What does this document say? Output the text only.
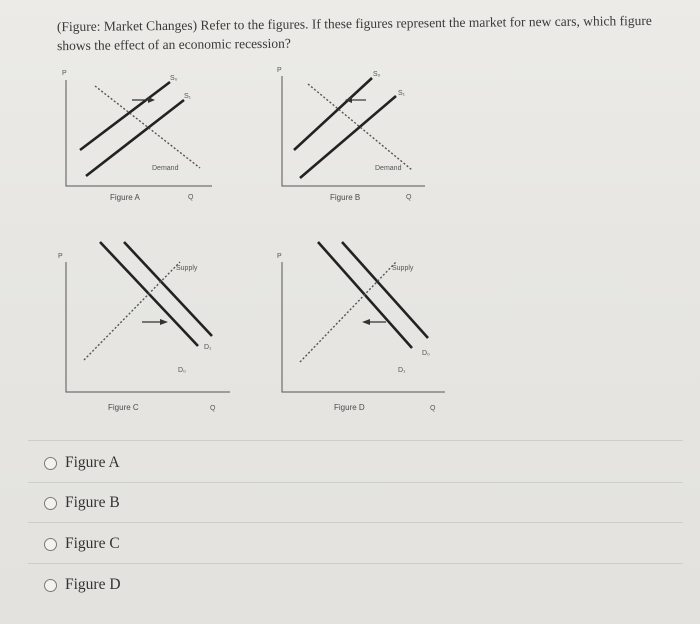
(Figure: Market Changes) Refer to the figures. If these figures represent the market for new cars, which figure shows the effect of an economic recession?
P
S₀
S₁
Demand
Figure A	Q
P
S₀
S₁
Demand
Figure B	Q
P
Supply
D₀
D₁
Figure C	Q
P
Supply
D₁
D₀
Figure D	Q
Figure A
Figure B
Figure C
Figure D
